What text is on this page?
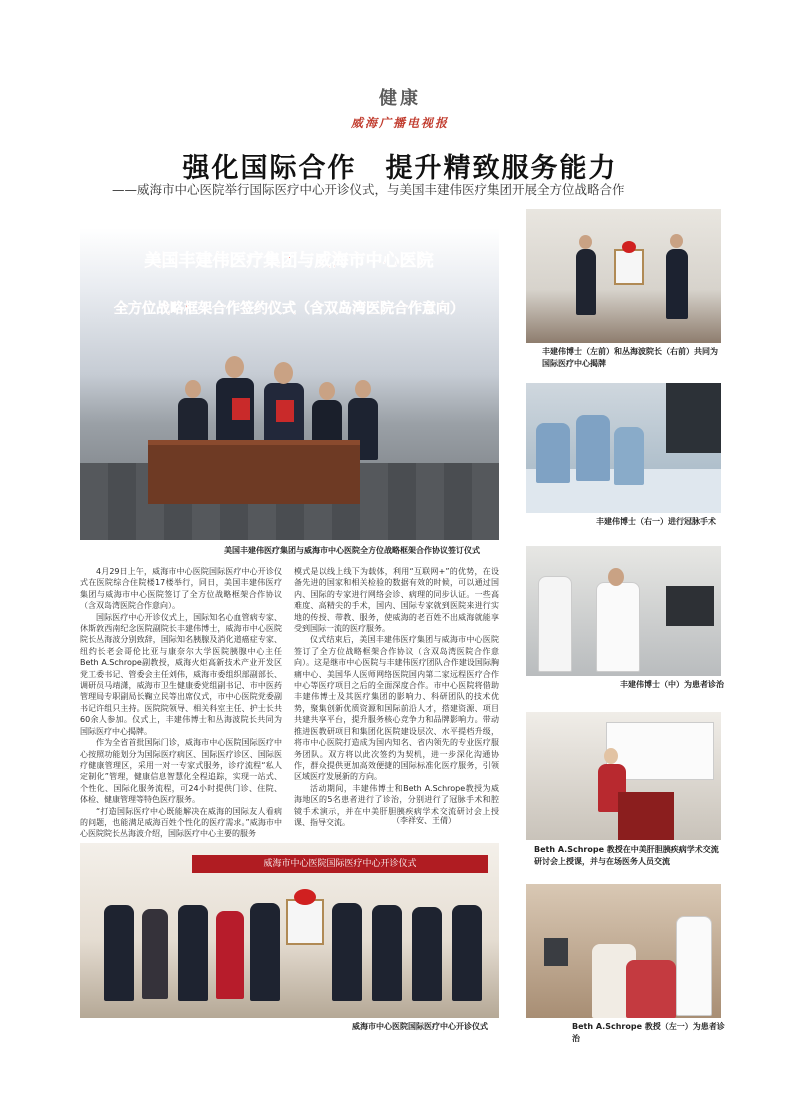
健康
威海广播电视报
强化国际合作　提升精致服务能力
——威海市中心医院举行国际医疗中心开诊仪式，与美国丰建伟医疗集团开展全方位战略合作
美国丰建伟医疗集团与威海市中心医院
全方位战略框架合作签约仪式（含双岛湾医院合作意向）
美国丰建伟医疗集团与威海市中心医院全方位战略框架合作协议签订仪式
丰建伟博士（左前）和丛海波院长（右前）共同为国际医疗中心揭牌
丰建伟博士（右一）进行冠脉手术
丰建伟博士（中）为患者诊治
Beth A.Schrope 教授在中美肝胆胰疾病学术交流研讨会上授课，并与在场医务人员交流
威海市中心医院国际医疗中心开诊仪式
威海市中心医院国际医疗中心开诊仪式	Beth A.Schrope 教授（左一）为患者诊治

4月29日上午，威海市中心医院国际医疗中心开诊仪式在医院综合住院楼17楼举行，同日，美国丰建伟医疗集团与威海市中心医院签订了全方位战略框架合作协议（含双岛湾医院合作意向）。

国际医疗中心开诊仪式上，国际知名心血管病专家、休斯敦西南纪念医院副院长丰建伟博士，威海市中心医院院长丛海波分别致辞，国际知名胰腺及消化道癌症专家、纽约长老会哥伦比亚与康奈尔大学医院胰腺中心主任Beth A.Schrope副教授，威海火炬高新技术产业开发区党工委书记、管委会主任刘伟，威海市委组织部副部长、调研员马靖潇，威海市卫生健康委党组副书记、市中医药管理局专职副局长鞠立民等出席仪式，市中心医院党委副书记许组只主持。医院院领导、相关科室主任、护士长共60余人参加。仪式上，丰建伟博士和丛海波院长共同为国际医疗中心揭牌。

作为全省首批国际门诊，威海市中心医院国际医疗中心按照功能划分为国际医疗病区、国际医疗诊区、国际医疗健康管理区，采用一对一专家式服务，诊疗流程“私人定制化”管理，健康信息智慧化全程追踪，实现一站式、个性化、国际化服务流程，可24小时提供门诊、住院、体检、健康管理等特色医疗服务。

“打造国际医疗中心既能解决在威海的国际友人看病的问题，也能满足威海百姓个性化的医疗需求。”威海市中心医院院长丛海波介绍，国际医疗中心主要的服务

模式是以线上线下为载体，利用“互联网+”的优势，在设备先进的国家和相关检验的数据有效的时候，可以通过国内、国际的专家进行网络会诊、病理的同步认证。一些高难度、高精尖的手术，国内、国际专家就到医院来进行实地的传授、带教、服务，使威海的老百姓不出威海就能享受到国际一流的医疗服务。

仪式结束后，美国丰建伟医疗集团与威海市中心医院签订了全方位战略框架合作协议（含双岛湾医院合作意向）。这是继市中心医院与丰建伟医疗团队合作建设国际胸痛中心、美国华人医师网络医院国内第二家远程医疗合作中心等医疗项目之后的全面深度合作。市中心医院将借助丰建伟博士及其医疗集团的影响力、科研团队的技术优势，聚集创新优质资源和国际前沿人才，搭建资源、项目共建共享平台，提升服务核心竞争力和品牌影响力。带动推进医教研项目和集团化医院建设层次、水平提档升级，将市中心医院打造成为国内知名、省内领先的专业医疗服务团队。双方将以此次签约为契机，进一步深化沟通协作，群众提供更加高效便捷的国际标准化医疗服务，引领区域医疗发展新的方向。

活动期间，丰建伟博士和Beth A.Schrope教授为威海地区的5名患者进行了诊治，分别进行了冠脉手术和腔镜手术演示，并在中美肝胆胰疾病学术交流研讨会上授课、指导交流。	（李祥安、王倩）
